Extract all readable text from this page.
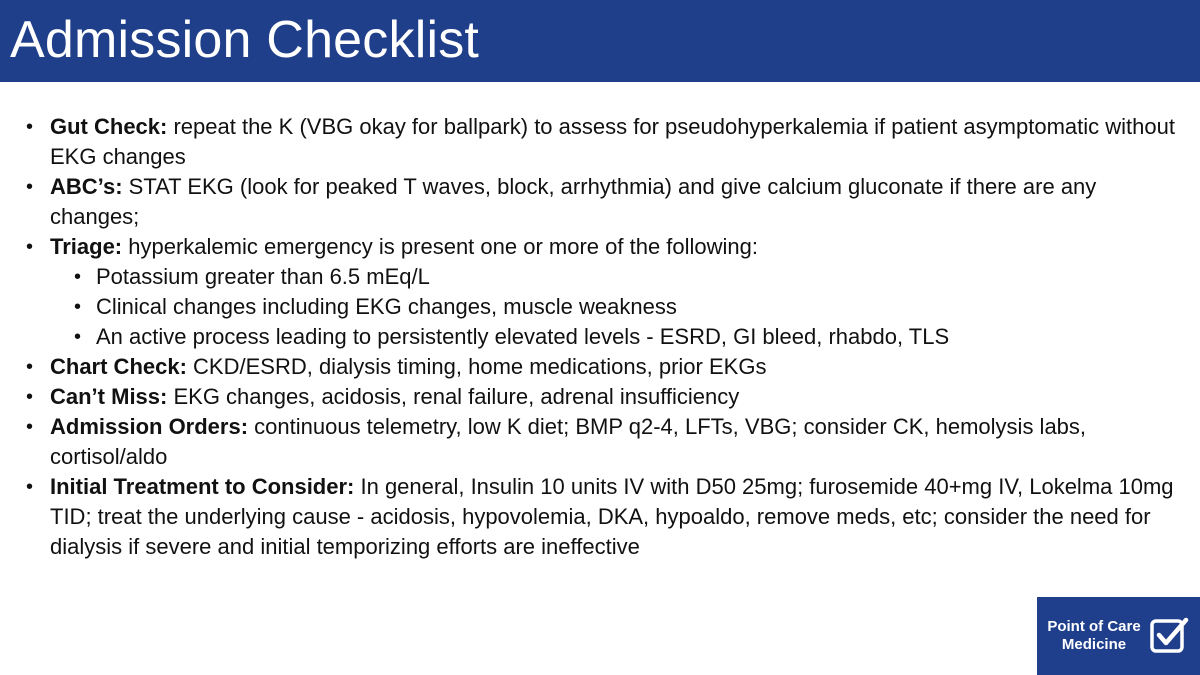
Admission Checklist
• Gut Check: repeat the K (VBG okay for ballpark) to assess for pseudohyperkalemia if patient asymptomatic without EKG changes
• ABC’s: STAT EKG (look for peaked T waves, block, arrhythmia) and give calcium gluconate if there are any changes;
• Triage: hyperkalemic emergency is present one or more of the following:
• Potassium greater than 6.5 mEq/L
• Clinical changes including EKG changes, muscle weakness
• An active process leading to persistently elevated levels - ESRD, GI bleed, rhabdo, TLS
• Chart Check: CKD/ESRD, dialysis timing, home medications, prior EKGs
• Can’t Miss: EKG changes, acidosis, renal failure, adrenal insufficiency
• Admission Orders: continuous telemetry, low K diet; BMP q2-4, LFTs, VBG; consider CK, hemolysis labs, cortisol/aldo
• Initial Treatment to Consider: In general, Insulin 10 units IV with D50 25mg; furosemide 40+mg IV, Lokelma 10mg TID; treat the underlying cause - acidosis, hypovolemia, DKA, hypoaldo, remove meds, etc; consider the need for dialysis if severe and initial temporizing efforts are ineffective
Point of Care
Medicine
